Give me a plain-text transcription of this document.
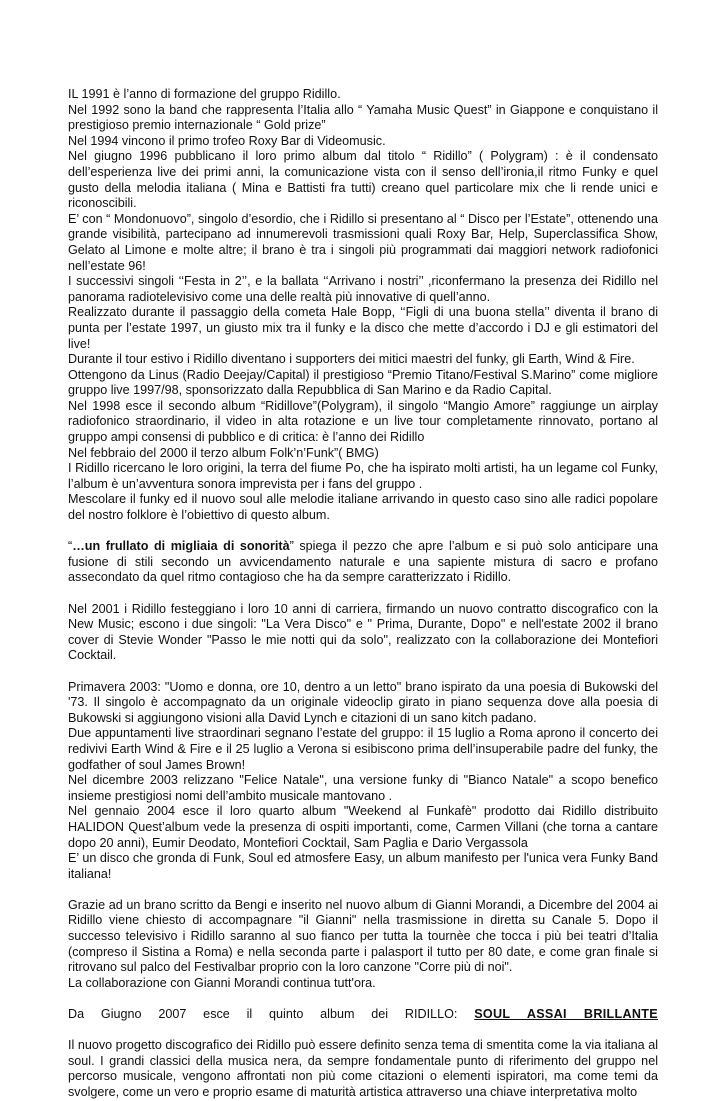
IL 1991 è l’anno di formazione del gruppo Ridillo.
Nel 1992 sono la band che rappresenta l’Italia allo “ Yamaha Music Quest” in Giappone e conquistano il prestigioso premio internazionale “ Gold prize”
Nel 1994 vincono il primo trofeo Roxy Bar di Videomusic.
Nel giugno 1996 pubblicano il loro primo album dal titolo “ Ridillo” ( Polygram) : è il condensato dell’esperienza live dei primi anni, la comunicazione vista con il senso dell’ironia,il ritmo Funky e quel gusto della melodia italiana ( Mina e Battisti fra tutti) creano quel particolare mix che li rende unici e riconoscibili.
E’ con “ Mondonuovo”, singolo d’esordio, che i Ridillo si presentano al “ Disco per l’Estate”, ottenendo una grande visibilità, partecipano ad innumerevoli trasmissioni quali Roxy Bar, Help, Superclassifica Show, Gelato al Limone e molte altre; il brano è tra i singoli più programmati dai maggiori network radiofonici nell’estate 96!
I successivi singoli ‘‘Festa in 2’’, e la ballata ‘‘Arrivano i nostri’’ ,riconfermano la presenza dei Ridillo nel panorama radiotelevisivo come una delle realtà più innovative di quell’anno.
Realizzato durante il passaggio della cometa Hale Bopp, ‘‘Figli di una buona stella’’ diventa il brano di punta per l’estate 1997, un giusto mix tra il funky e la disco che mette d’accordo i DJ e gli estimatori del live!
Durante il tour estivo i Ridillo diventano i supporters dei mitici maestri del funky, gli Earth, Wind & Fire.
Ottengono da Linus (Radio Deejay/Capital) il prestigioso “Premio Titano/Festival S.Marino” come migliore gruppo live 1997/98, sponsorizzato dalla Repubblica di San Marino e da Radio Capital.
Nel 1998 esce il secondo album “Ridillove”(Polygram), il singolo “Mangio Amore” raggiunge un airplay radiofonico straordinario, il video in alta rotazione e un live tour completamente rinnovato, portano al gruppo ampi consensi di pubblico e di critica: è l’anno dei Ridillo
Nel febbraio del 2000 il terzo album Folk’n’Funk”( BMG)
I Ridillo ricercano le loro origini, la terra del fiume Po, che ha ispirato molti artisti, ha un legame col Funky, l’album è un’avventura sonora imprevista per i fans del gruppo .
Mescolare il funky ed il nuovo soul alle melodie italiane arrivando in questo caso sino alle radici popolare del nostro folklore è l’obiettivo di questo album.

“…un frullato di migliaia di sonorità” spiega il pezzo che apre l’album e si può solo anticipare una fusione di stili secondo un avvicendamento naturale e una sapiente mistura di sacro e profano assecondato da quel ritmo contagioso che ha da sempre caratterizzato i Ridillo.

Nel 2001 i Ridillo festeggiano i loro 10 anni di carriera, firmando un nuovo contratto discografico con la New Music; escono i due singoli: "La Vera Disco" e " Prima, Durante, Dopo" e nell'estate 2002 il brano cover di Stevie Wonder "Passo le mie notti qui da solo", realizzato con la collaborazione dei Montefiori Cocktail.

Primavera 2003: "Uomo e donna, ore 10, dentro a un letto" brano ispirato da una poesia di Bukowski del '73. Il singolo è accompagnato da un originale videoclip girato in piano sequenza dove alla poesia di Bukowski si aggiungono visioni alla David Lynch e citazioni di un sano kitch padano.
Due appuntamenti live straordinari segnano l’estate del gruppo: il 15 luglio a Roma aprono il concerto dei redivivi Earth Wind & Fire e il 25 luglio a Verona si esibiscono prima dell’insuperabile padre del funky, the godfather of soul James Brown!
Nel dicembre 2003 relizzano "Felice Natale", una versione funky di "Bianco Natale" a scopo benefico insieme prestigiosi nomi dell’ambito musicale mantovano .
Nel gennaio 2004 esce il loro quarto album "Weekend al Funkafè" prodotto dai Ridillo distribuito HALIDON Quest’album vede la presenza di ospiti importanti, come, Carmen Villani (che torna a cantare dopo 20 anni), Eumir Deodato, Montefiori Cocktail, Sam Paglia e Dario Vergassola
E’ un disco che gronda di Funk, Soul ed atmosfere Easy, un album manifesto per l'unica vera Funky Band italiana!

Grazie ad un brano scritto da Bengi e inserito nel nuovo album di Gianni Morandi, a Dicembre del 2004 ai Ridillo viene chiesto di accompagnare "il Gianni" nella trasmissione in diretta su Canale 5. Dopo il successo televisivo i Ridillo saranno al suo fianco per tutta la tournèe che tocca i più bei teatri d’Italia (compreso il Sistina a Roma) e nella seconda parte i palasport il tutto per 80 date, e come gran finale si ritrovano sul palco del Festivalbar proprio con la loro canzone "Corre più di noi".
La collaborazione con Gianni Morandi continua tutt'ora.

Da Giugno 2007 esce il quinto album dei RIDILLO: SOUL ASSAI BRILLANTE

Il nuovo progetto discografico dei Ridillo può essere definito senza tema di smentita come la via italiana al soul. I grandi classici della musica nera, da sempre fondamentale punto di riferimento del gruppo nel percorso musicale, vengono affrontati non più come citazioni o elementi ispiratori, ma come temi da svolgere, come un vero e proprio esame di maturità artistica attraverso una chiave interpretativa molto
